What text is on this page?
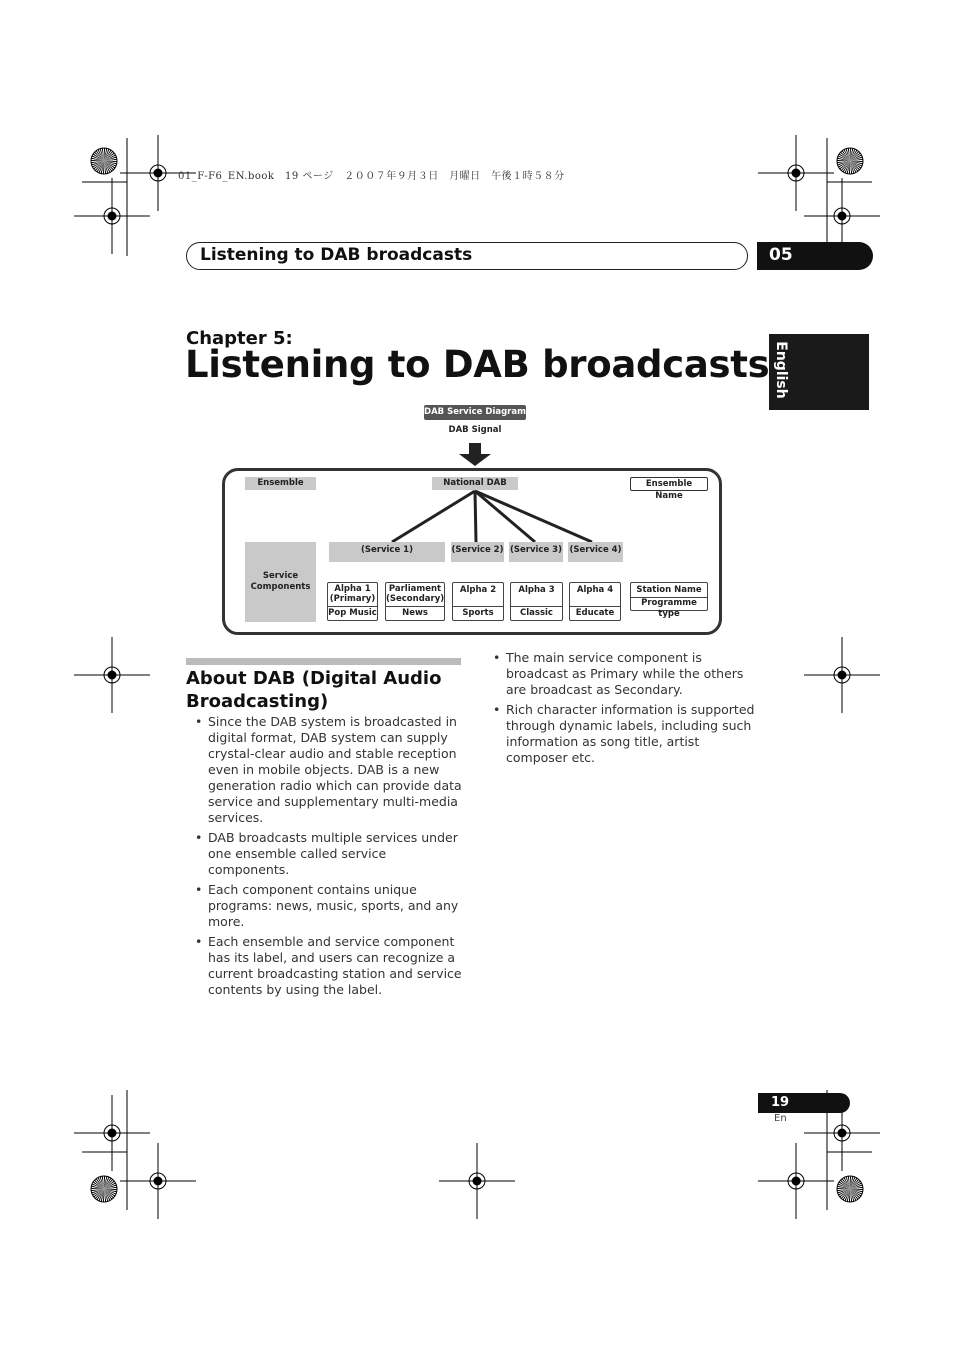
01_F-F6_EN.book　19 ページ　２００７年９月３日　月曜日　午後１時５８分
Listening to DAB broadcasts	05
English
Chapter 5:
Listening to DAB broadcasts
DAB Service Diagram
DAB Signal
Ensemble	National DAB	Ensemble Name
Service
Components
(Service 1)	(Service 2) (Service 3) (Service 4)
Alpha 1
(Primary)
Pop Music
Parliament
(Secondary)
News
Alpha 2
Sports
Alpha 3
Classic
Alpha 4
Educate
Station Name
Programme type
About DAB (Digital Audio Broadcasting)
• Since the DAB system is broadcasted in digital format, DAB system can supply crystal-clear audio and stable reception even in mobile objects. DAB is a new generation radio which can provide data service and supplementary multi-media services.
• DAB broadcasts multiple services under one ensemble called service components.
• Each component contains unique programs: news, music, sports, and any more.
• Each ensemble and service component has its label, and users can recognize a current broadcasting station and service contents by using the label.
• The main service component is broadcast as Primary while the others are broadcast as Secondary.
• Rich character information is supported through dynamic labels, including such information as song title, artist composer etc.
19
En
